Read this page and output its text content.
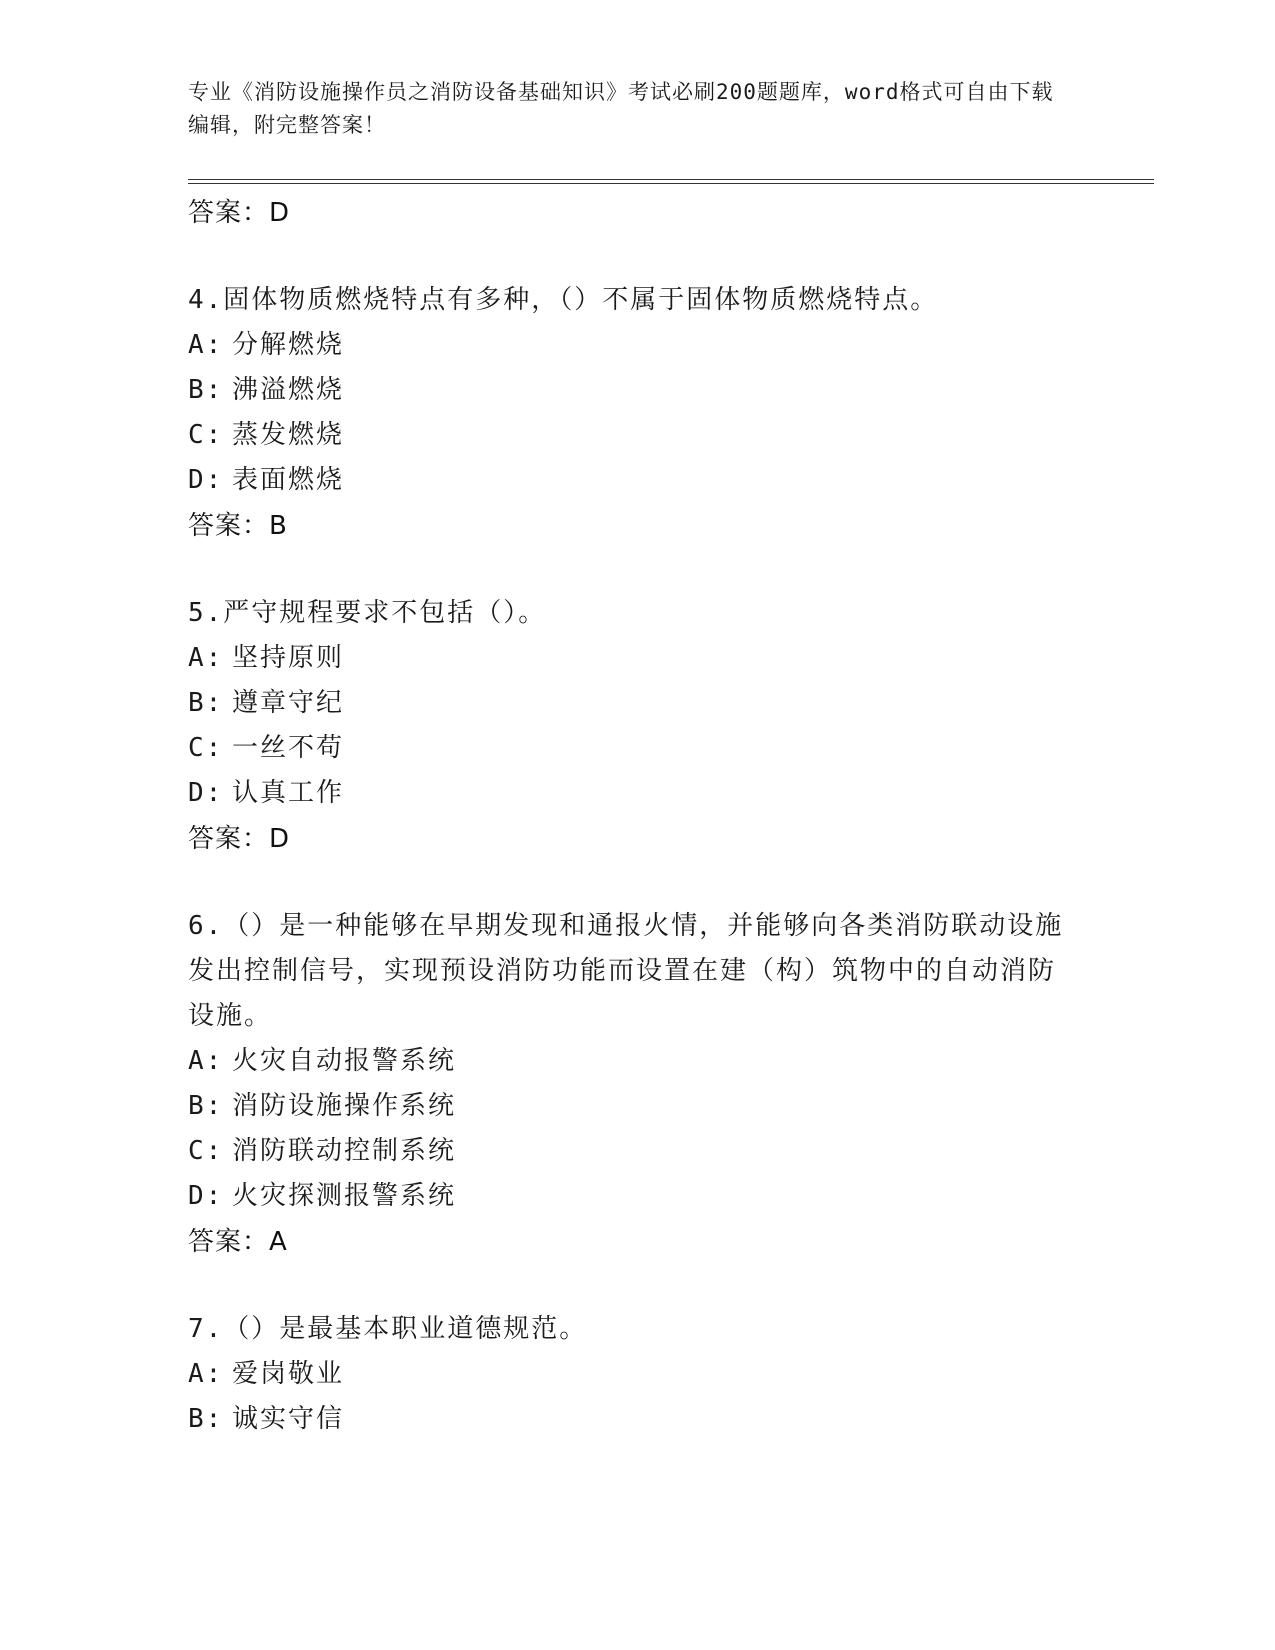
专业《消防设施操作员之消防设备基础知识》考试必刷200题题库，word格式可自由下载编辑，附完整答案！
答案：D
4.固体物质燃烧特点有多种，（）不属于固体物质燃烧特点。
A: 分解燃烧
B: 沸溢燃烧
C: 蒸发燃烧
D: 表面燃烧
答案：B
5.严守规程要求不包括（）。
A: 坚持原则
B: 遵章守纪
C: 一丝不苟
D: 认真工作
答案：D
6.（）是一种能够在早期发现和通报火情，并能够向各类消防联动设施发出控制信号，实现预设消防功能而设置在建（构）筑物中的自动消防设施。
A: 火灾自动报警系统
B: 消防设施操作系统
C: 消防联动控制系统
D: 火灾探测报警系统
答案：A
7.（）是最基本职业道德规范。
A: 爱岗敬业
B: 诚实守信
